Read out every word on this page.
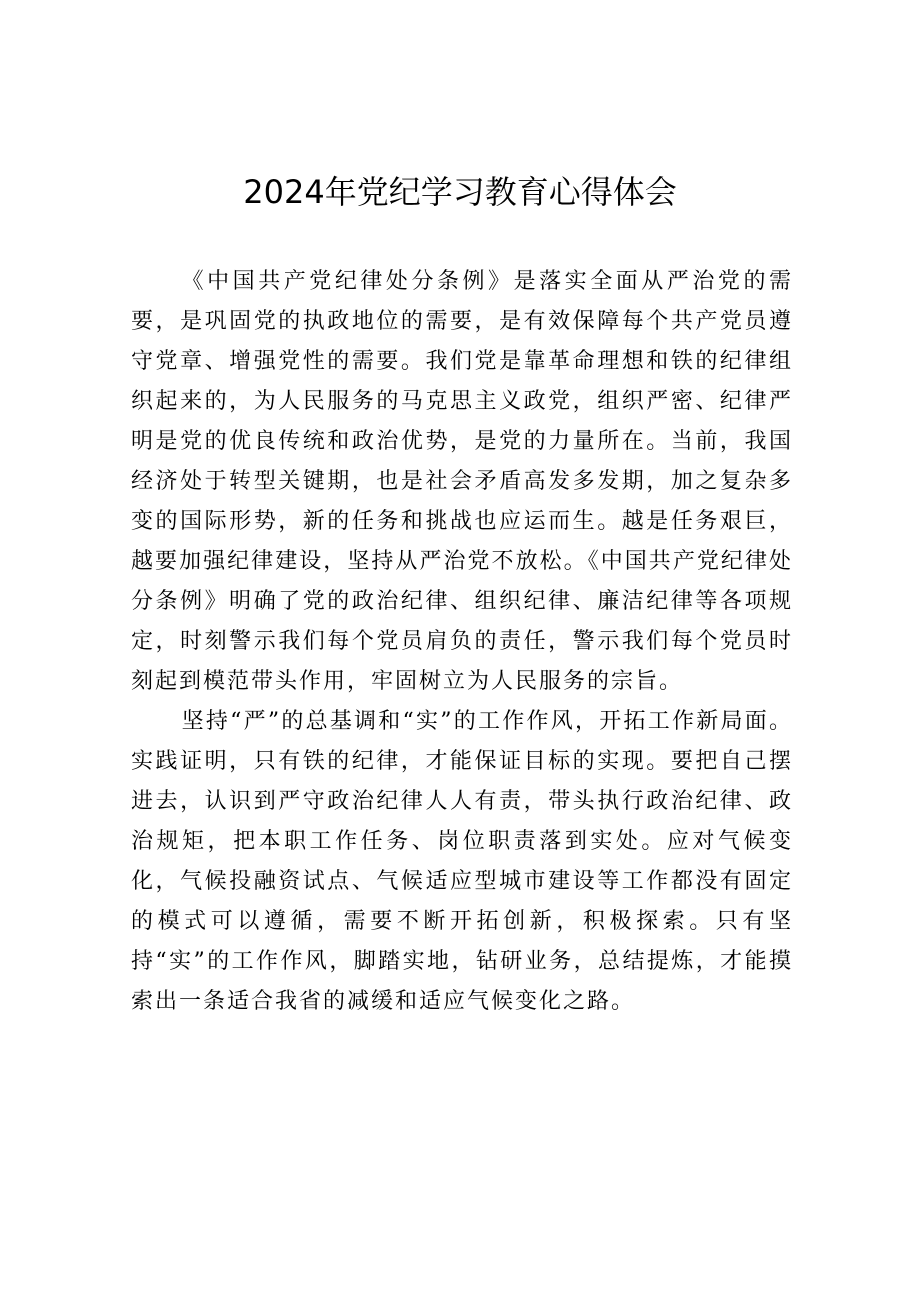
2024年党纪学习教育心得体会

《中国共产党纪律处分条例》是落实全面从严治党的需要，是巩固党的执政地位的需要，是有效保障每个共产党员遵守党章、增强党性的需要。我们党是靠革命理想和铁的纪律组织起来的，为人民服务的马克思主义政党，组织严密、纪律严明是党的优良传统和政治优势，是党的力量所在。当前，我国经济处于转型关键期，也是社会矛盾高发多发期，加之复杂多变的国际形势，新的任务和挑战也应运而生。越是任务艰巨，越要加强纪律建设，坚持从严治党不放松。《中国共产党纪律处分条例》明确了党的政治纪律、组织纪律、廉洁纪律等各项规定，时刻警示我们每个党员肩负的责任，警示我们每个党员时刻起到模范带头作用，牢固树立为人民服务的宗旨。

坚持“严”的总基调和“实”的工作作风，开拓工作新局面。实践证明，只有铁的纪律，才能保证目标的实现。要把自己摆进去，认识到严守政治纪律人人有责，带头执行政治纪律、政治规矩，把本职工作任务、岗位职责落到实处。应对气候变化，气候投融资试点、气候适应型城市建设等工作都没有固定的模式可以遵循，需要不断开拓创新，积极探索。只有坚持“实”的工作作风，脚踏实地，钻研业务，总结提炼，才能摸索出一条适合我省的减缓和适应气候变化之路。
